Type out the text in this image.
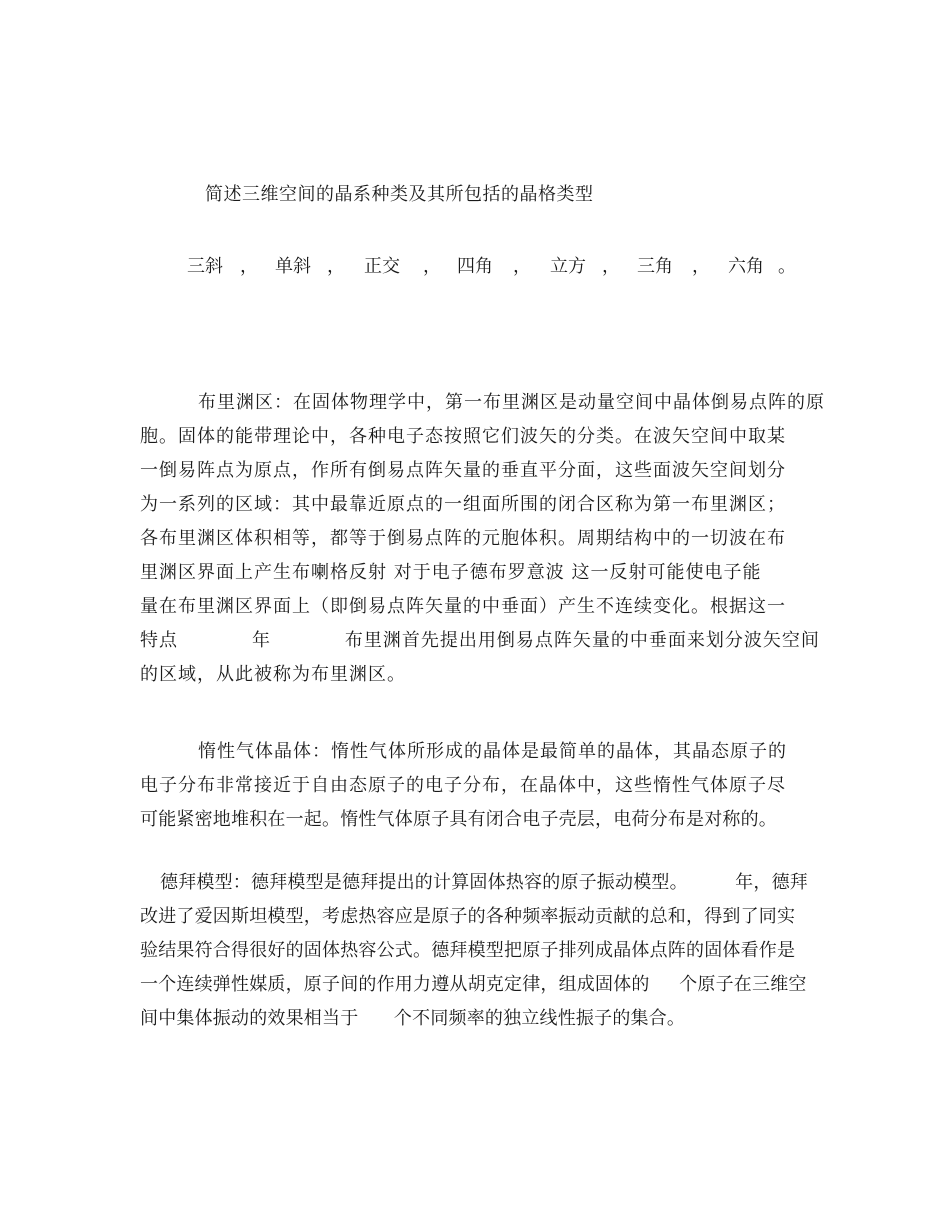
简述三维空间的晶系种类及其所包括的晶格类型
三斜 ， 单斜 ， 正交 ， 四角 ， 立方 ， 三角 ， 六角 。
布里渊区：在固体物理学中，第一布里渊区是动量空间中晶体倒易点阵的原
胞。固体的能带理论中，各种电子态按照它们波矢的分类。在波矢空间中取某
一倒易阵点为原点，作所有倒易点阵矢量的垂直平分面，这些面波矢空间划分
为一系列的区域：其中最靠近原点的一组面所围的闭合区称为第一布里渊区；
各布里渊区体积相等，都等于倒易点阵的元胞体积。周期结构中的一切波在布
里渊区界面上产生布喇格反射 对于电子德布罗意波 这一反射可能使电子能
量在布里渊区界面上（即倒易点阵矢量的中垂面）产生不连续变化。根据这一
特点           年           布里渊首先提出用倒易点阵矢量的中垂面来划分波矢空间
的区域，从此被称为布里渊区。
惰性气体晶体：惰性气体所形成的晶体是最简单的晶体，其晶态原子的
电子分布非常接近于自由态原子的电子分布，在晶体中，这些惰性气体原子尽
可能紧密地堆积在一起。惰性气体原子具有闭合电子壳层，电荷分布是对称的。
德拜模型：德拜模型是德拜提出的计算固体热容的原子振动模型。        年，德拜
改进了爱因斯坦模型，考虑热容应是原子的各种频率振动贡献的总和，得到了同实
验结果符合得很好的固体热容公式。德拜模型把原子排列成晶体点阵的固体看作是
一个连续弹性媒质，原子间的作用力遵从胡克定律，组成固体的     个原子在三维空
间中集体振动的效果相当于      个不同频率的独立线性振子的集合。
